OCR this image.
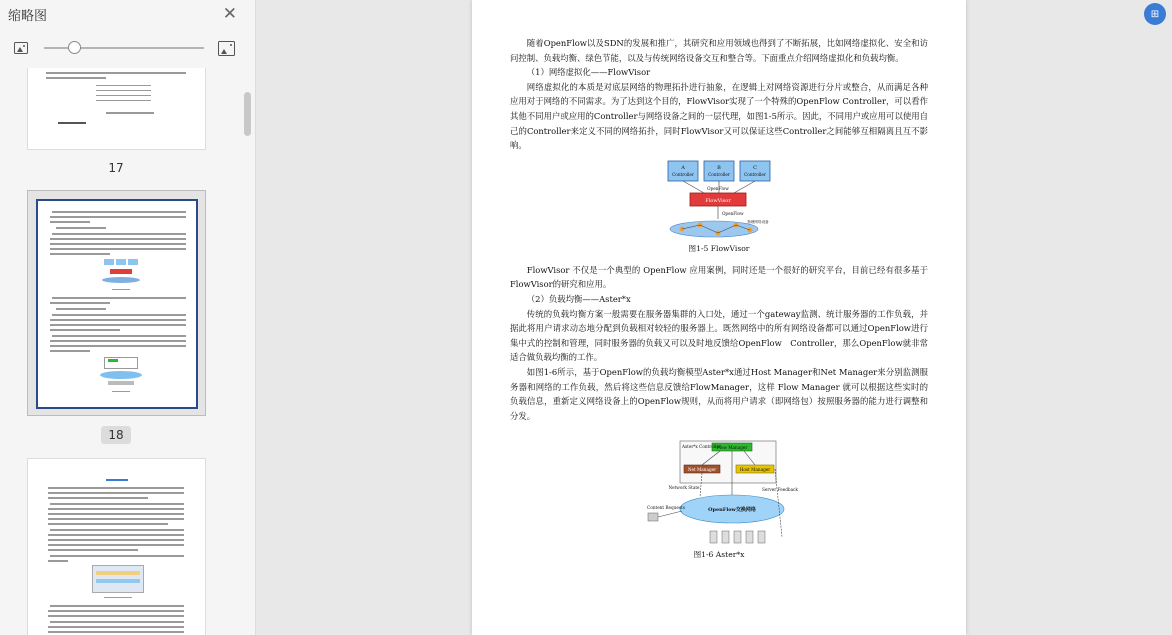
缩略图	✕
17
18

随着OpenFlow以及SDN的发展和推广，其研究和应用领域也得到了不断拓展，比如网络虚拟化、安全和访问控制、负载均衡、绿色节能，以及与传统网络设备交互和整合等。下面重点介绍网络虚拟化和负载均衡。

（1）网络虚拟化——FlowVisor

网络虚拟化的本质是对底层网络的物理拓扑进行抽象，在逻辑上对网络资源进行分片或整合，从而满足各种应用对于网络的不同需求。为了达到这个目的，FlowVisor实现了一个特殊的OpenFlow Controller，可以看作其他不同用户或应用的Controller与网络设备之间的一层代理，如图1-5所示。因此，不同用户或应用可以使用自己的Controller来定义不同的网络拓扑，同时FlowVisor又可以保证这些Controller之间能够互相隔离且互不影响。

A
Controller
B
Controller
C
Controller
OpenFlow
FlowVisor
OpenFlow
物理网络设备

图1-5 FlowVisor

FlowVisor 不仅是一个典型的 OpenFlow 应用案例，同时还是一个很好的研究平台，目前已经有很多基于FlowVisor的研究和应用。

（2）负载均衡——Aster*x

传统的负载均衡方案一般需要在服务器集群的入口处，通过一个gateway监测、统计服务器的工作负载，并据此将用户请求动态地分配到负载相对较轻的服务器上。既然网络中的所有网络设备都可以通过OpenFlow进行集中式的控制和管理，同时服务器的负载又可以及时地反馈给OpenFlow　Controller，那么OpenFlow就非常适合做负载均衡的工作。

如图1-6所示，基于OpenFlow的负载均衡模型Aster*x通过Host Manager和Net Manager来分别监测服务器和网络的工作负载，然后将这些信息反馈给FlowManager，这样 Flow Manager 就可以根据这些实时的负载信息，重新定义网络设备上的OpenFlow规则，从而将用户请求（即网络包）按照服务器的能力进行调整和分发。

Aster*x Controller
Flow Manager
Net Manager	Host Manager
Network State	Server Feedback
Content Requests	OpenFlow交换网络

图1-6 Aster*x

⊞
